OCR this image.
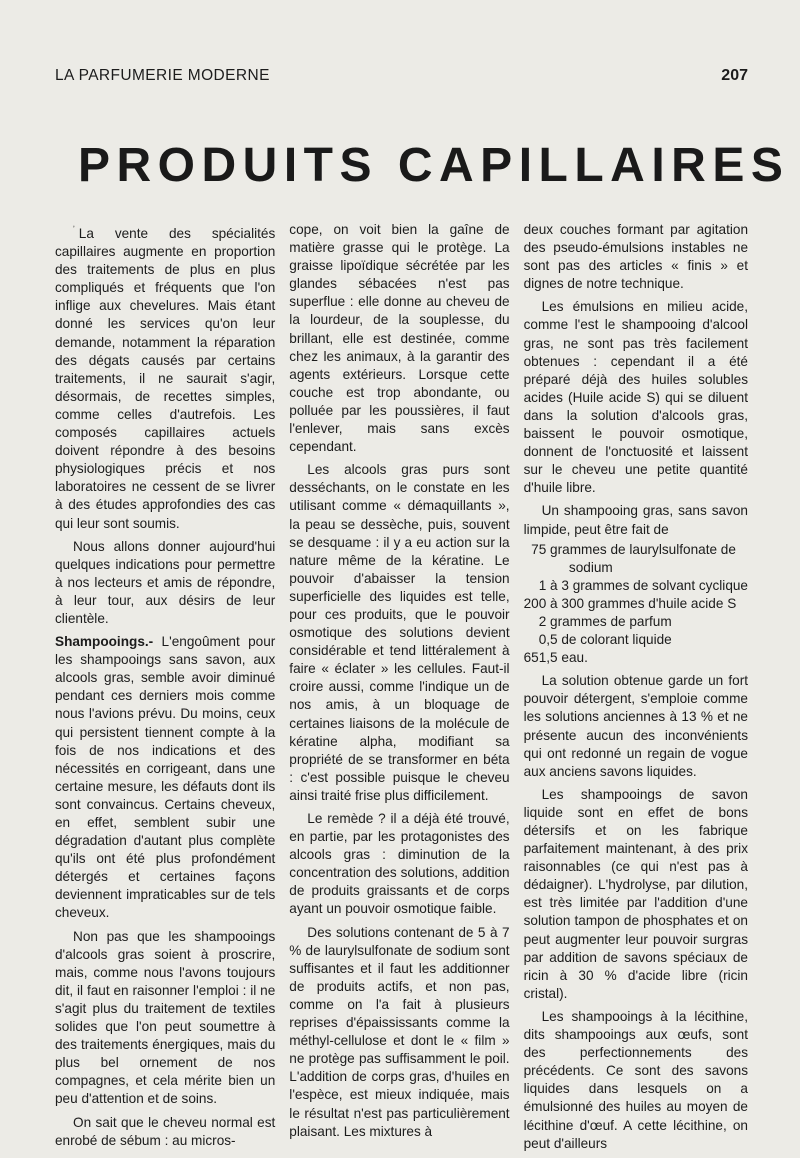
LA PARFUMERIE MODERNE	207
PRODUITS CAPILLAIRES

$^ʼ$ La vente des spécialités capillaires augmente en proportion des traitements de plus en plus compliqués et fréquents que l'on inflige aux chevelures. Mais étant donné les services qu'on leur demande, notamment la réparation des dégats causés par certains traitements, il ne saurait s'agir, désormais, de recettes simples, comme celles d'autrefois. Les composés capillaires actuels doivent répondre à des besoins physiologiques précis et nos laboratoires ne cessent de se livrer à des études approfondies des cas qui leur sont soumis.

Nous allons donner aujourd'hui quelques indications pour permettre à nos lecteurs et amis de répondre, à leur tour, aux désirs de leur clientèle.

Shampooings.- L'engoûment pour les shampooings sans savon, aux alcools gras, semble avoir diminué pendant ces derniers mois comme nous l'avions prévu. Du moins, ceux qui persistent tiennent compte à la fois de nos indications et des nécessités en corrigeant, dans une certaine mesure, les défauts dont ils sont convaincus. Certains cheveux, en effet, semblent subir une dégradation d'autant plus complète qu'ils ont été plus profondément détergés et certaines façons deviennent impraticables sur de tels cheveux.

Non pas que les shampooings d'alcools gras soient à proscrire, mais, comme nous l'avons toujours dit, il faut en raisonner l'emploi : il ne s'agit plus du traitement de textiles solides que l'on peut soumettre à des traitements énergiques, mais du plus bel ornement de nos compagnes, et cela mérite bien un peu d'attention et de soins.

On sait que le cheveu normal est enrobé de sébum : au micros-

cope, on voit bien la gaîne de matière grasse qui le protège. La graisse lipoïdique sécrétée par les glandes sébacées n'est pas superflue : elle donne au cheveu de la lourdeur, de la souplesse, du brillant, elle est destinée, comme chez les animaux, à la garantir des agents extérieurs. Lorsque cette couche est trop abondante, ou polluée par les poussières, il faut l'enlever, mais sans excès cependant.

Les alcools gras purs sont desséchants, on le constate en les utilisant comme « démaquillants », la peau se dessèche, puis, souvent se desquame : il y a eu action sur la nature même de la kératine. Le pouvoir d'abaisser la tension superficielle des liquides est telle, pour ces produits, que le pouvoir osmotique des solutions devient considérable et tend littéralement à faire « éclater » les cellules. Faut-il croire aussi, comme l'indique un de nos amis, à un bloquage de certaines liaisons de la molécule de kératine alpha, modifiant sa propriété de se transformer en béta : c'est possible puisque le cheveu ainsi traité frise plus difficilement.

Le remède ? il a déjà été trouvé, en partie, par les protagonistes des alcools gras : diminution de la concentration des solutions, addition de produits graissants et de corps ayant un pouvoir osmotique faible.

Des solutions contenant de 5 à 7 % de laurylsulfonate de sodium sont suffisantes et il faut les additionner de produits actifs, et non pas, comme on l'a fait à plusieurs reprises d'épaississants comme la méthyl-cellulose et dont le « film » ne protège pas suffisamment le poil. L'addition de corps gras, d'huiles en l'espèce, est mieux indiquée, mais le résultat n'est pas particulièrement plaisant. Les mixtures à

deux couches formant par agitation des pseudo-émulsions instables ne sont pas des articles « finis » et dignes de notre technique.

Les émulsions en milieu acide, comme l'est le shampooing d'alcool gras, ne sont pas très facilement obtenues : cependant il a été préparé déjà des huiles solubles acides (Huile acide S) qui se diluent dans la solution d'alcools gras, baissent le pouvoir osmotique, donnent de l'onctuosité et laissent sur le cheveu une petite quantité d'huile libre.

Un shampooing gras, sans savon limpide, peut être fait de

75 grammes de laurylsulfonate de

sodium

1 à 3 grammes de solvant cyclique

200 à 300 grammes d'huile acide S

2 grammes de parfum

0,5 de colorant liquide

651,5 eau.

La solution obtenue garde un fort pouvoir détergent, s'emploie comme les solutions anciennes à 13 % et ne présente aucun des inconvénients qui ont redonné un regain de vogue aux anciens savons liquides.

Les shampooings de savon liquide sont en effet de bons détersifs et on les fabrique parfaitement maintenant, à des prix raisonnables (ce qui n'est pas à dédaigner). L'hydrolyse, par dilution, est très limitée par l'addition d'une solution tampon de phosphates et on peut augmenter leur pouvoir surgras par addition de savons spéciaux de ricin à 30 % d'acide libre (ricin cristal).

Les shampooings à la lécithine, dits shampooings aux œufs, sont des perfectionnements des précédents. Ce sont des savons liquides dans lesquels on a émulsionné des huiles au moyen de lécithine d'œuf. A cette lécithine, on peut d'ailleurs
